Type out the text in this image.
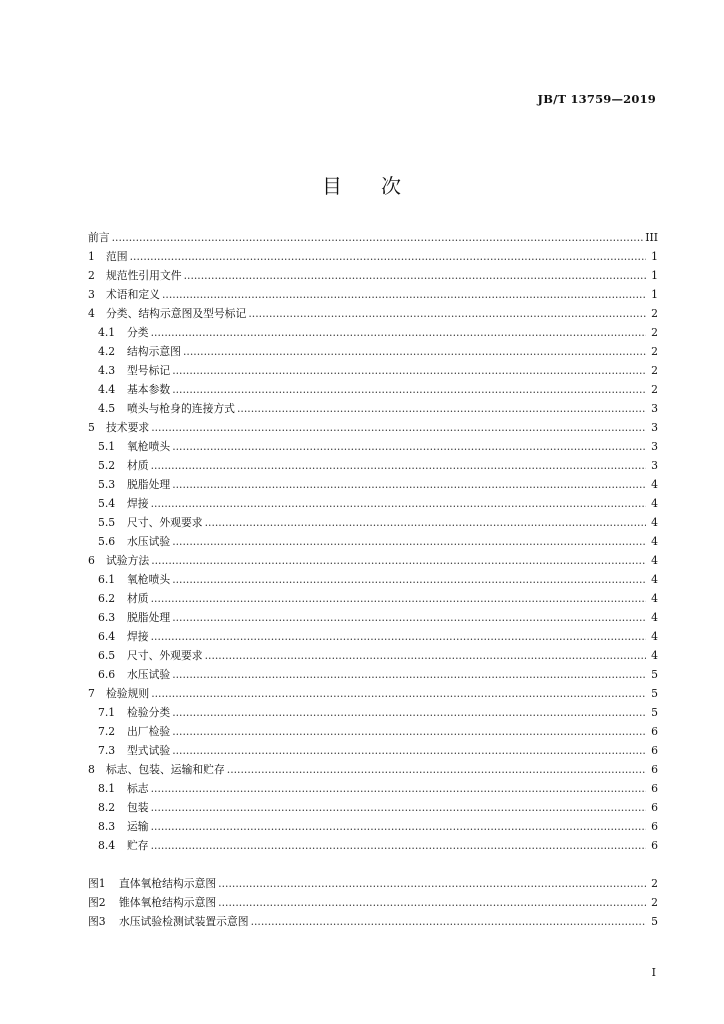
JB/T 13759—2019
目 次
前言 .....	III
1	范围 .....	1
2	规范性引用文件 .....	1
3	术语和定义 .....	1
4	分类、结构示意图及型号标记 .....	2
4.1	分类 .....	2
4.2	结构示意图 .....	2
4.3	型号标记 .....	2
4.4	基本参数 .....	2
4.5	喷头与枪身的连接方式 .....	3
5	技术要求 .....	3
5.1	氧枪喷头 .....	3
5.2	材质 .....	3
5.3	脱脂处理 .....	4
5.4	焊接 .....	4
5.5	尺寸、外观要求 .....	4
5.6	水压试验 .....	4
6	试验方法 .....	4
6.1	氧枪喷头 .....	4
6.2	材质 .....	4
6.3	脱脂处理 .....	4
6.4	焊接 .....	4
6.5	尺寸、外观要求 .....	4
6.6	水压试验 .....	5
7	检验规则 .....	5
7.1	检验分类 .....	5
7.2	出厂检验 .....	6
7.3	型式试验 .....	6
8	标志、包装、运输和贮存 .....	6
8.1	标志 .....	6
8.2	包装 .....	6
8.3	运输 .....	6
8.4	贮存 .....	6
图1	直体氧枪结构示意图 .....	2
图2	锥体氧枪结构示意图 .....	2
图3	水压试验检测试装置示意图 .....	5
I
